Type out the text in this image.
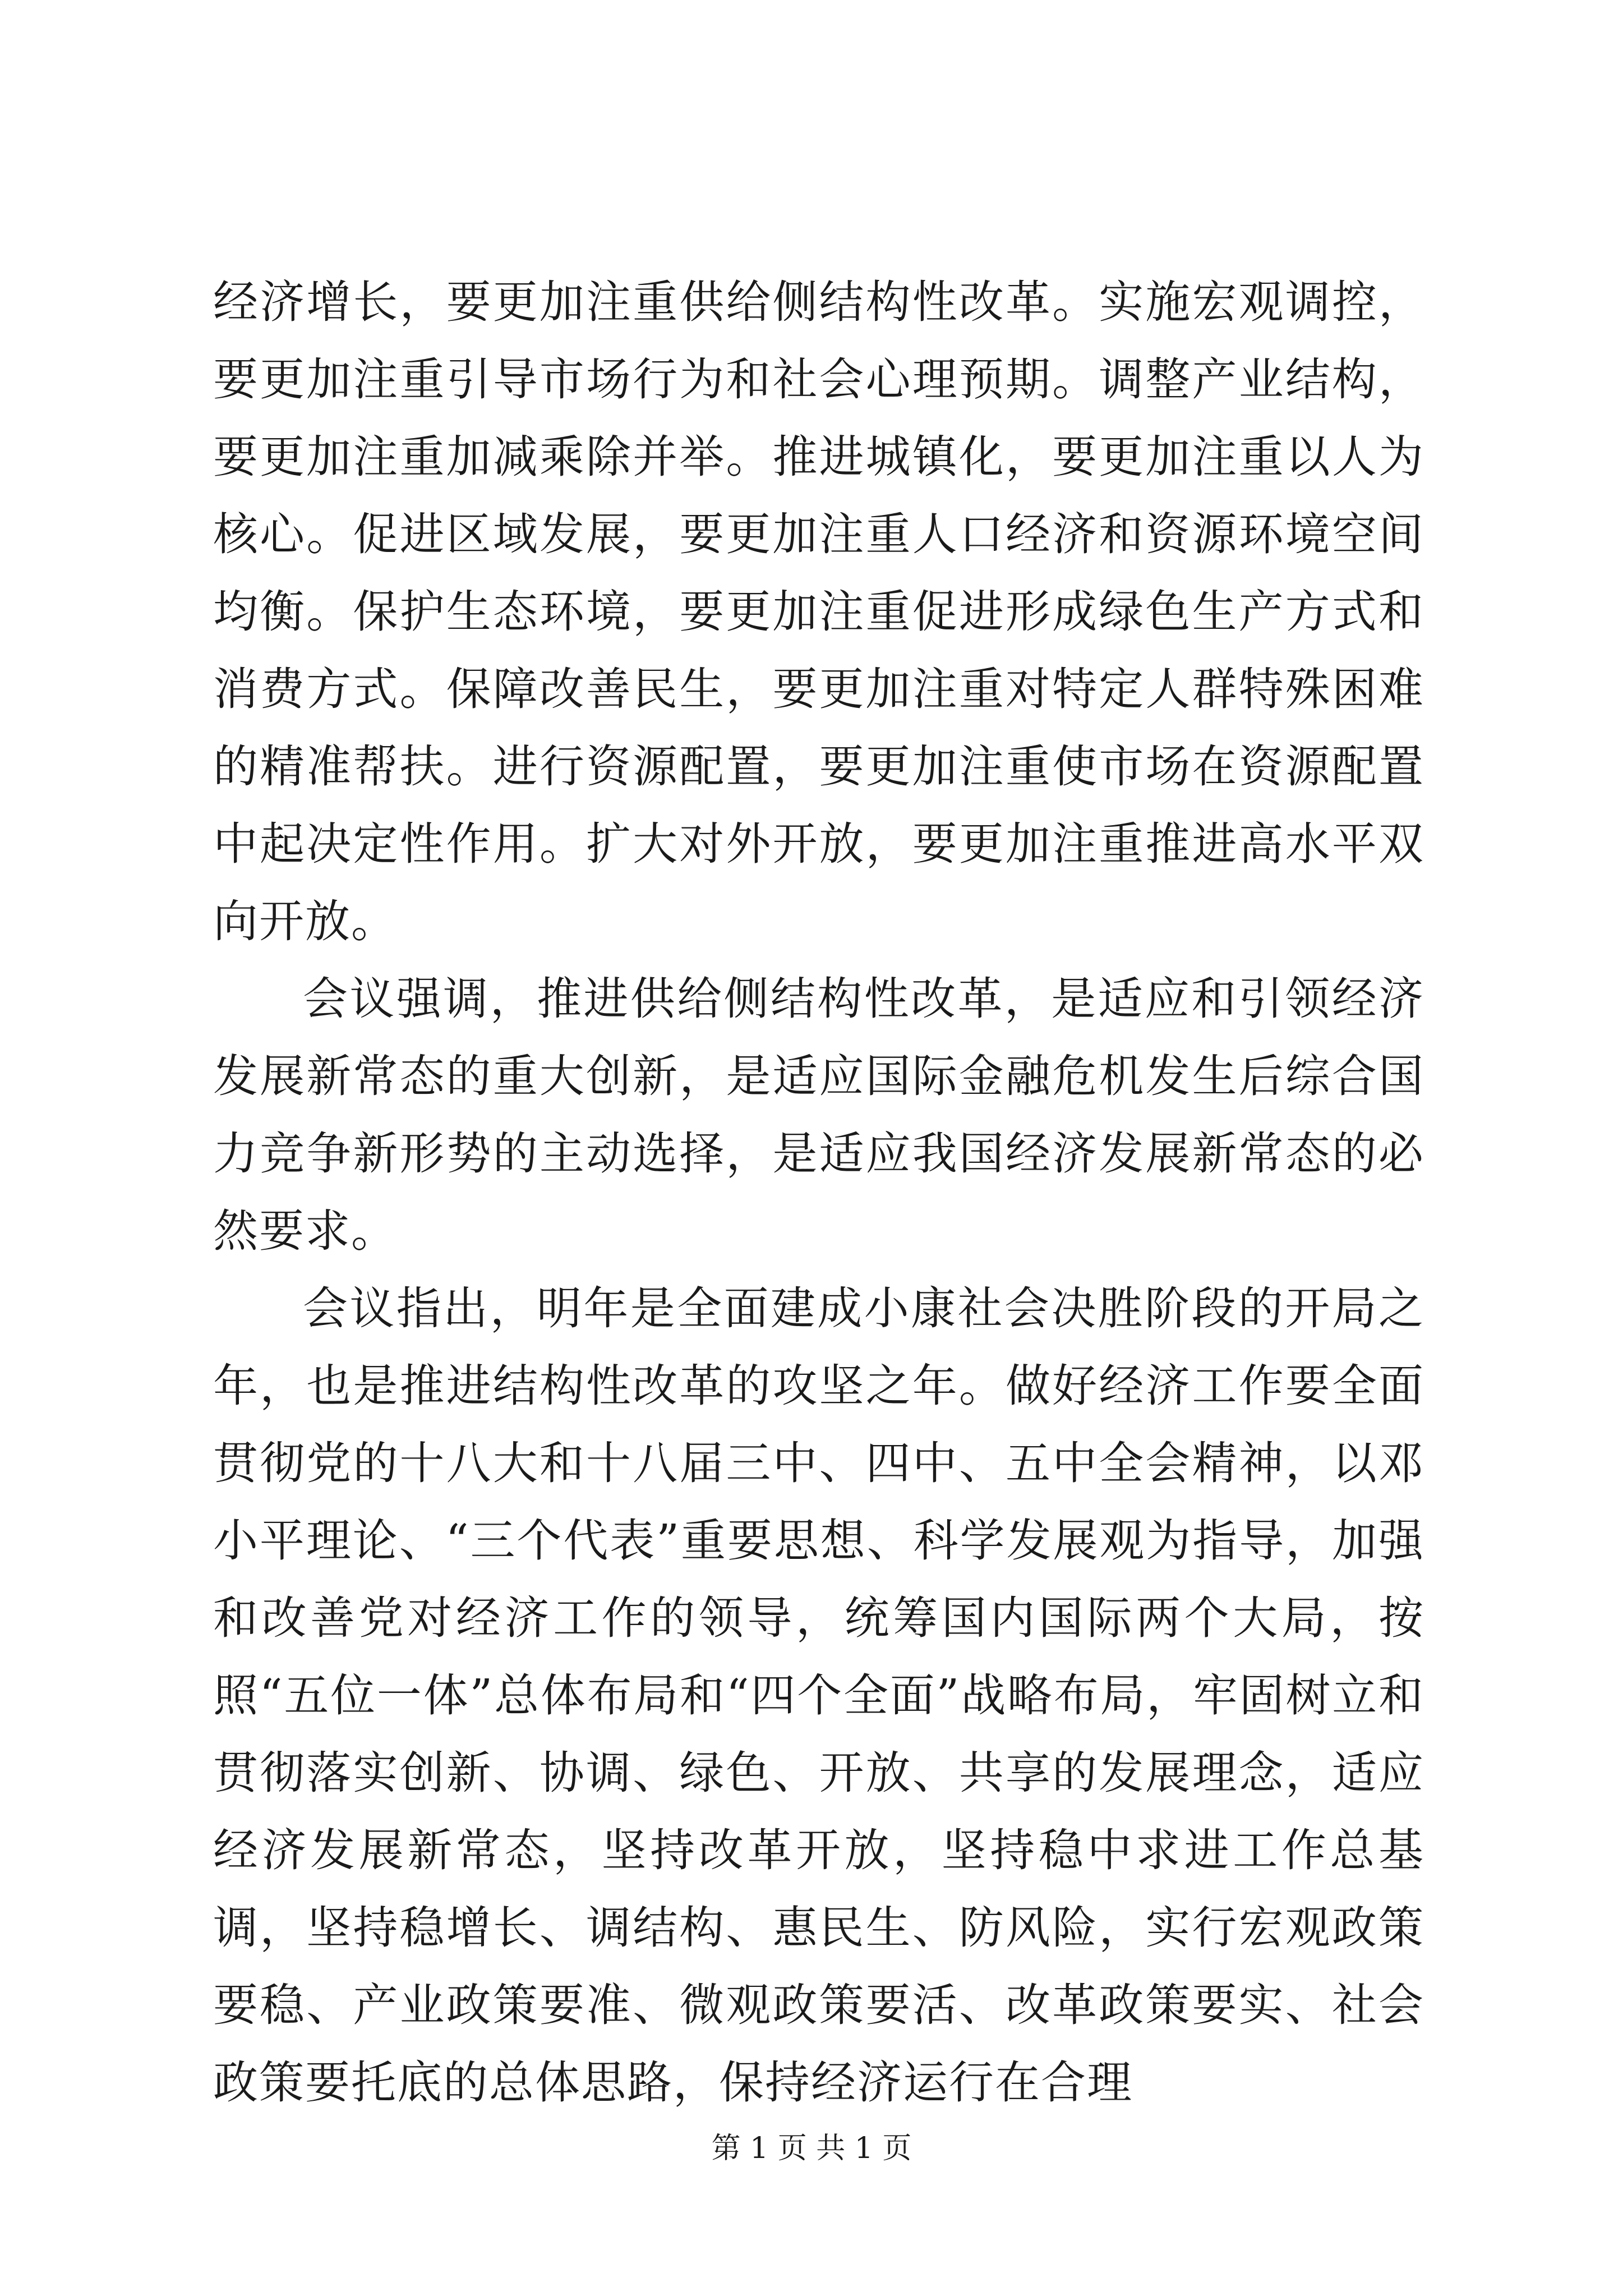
经济增长，要更加注重供给侧结构性改革。实施宏观调控，要更加注重引导市场行为和社会心理预期。调整产业结构，要更加注重加减乘除并举。推进城镇化，要更加注重以人为核心。促进区域发展，要更加注重人口经济和资源环境空间均衡。保护生态环境，要更加注重促进形成绿色生产方式和消费方式。保障改善民生，要更加注重对特定人群特殊困难的精准帮扶。进行资源配置，要更加注重使市场在资源配置中起决定性作用。扩大对外开放，要更加注重推进高水平双向开放。

会议强调，推进供给侧结构性改革，是适应和引领经济发展新常态的重大创新，是适应国际金融危机发生后综合国力竞争新形势的主动选择，是适应我国经济发展新常态的必然要求。

会议指出，明年是全面建成小康社会决胜阶段的开局之年，也是推进结构性改革的攻坚之年。做好经济工作要全面贯彻党的十八大和十八届三中、四中、五中全会精神，以邓小平理论、“三个代表”重要思想、科学发展观为指导，加强和改善党对经济工作的领导，统筹国内国际两个大局，按照“五位一体”总体布局和“四个全面”战略布局，牢固树立和贯彻落实创新、协调、绿色、开放、共享的发展理念，适应经济发展新常态，坚持改革开放，坚持稳中求进工作总基调，坚持稳增长、调结构、惠民生、防风险，实行宏观政策要稳、产业政策要准、微观政策要活、改革政策要实、社会政策要托底的总体思路，保持经济运行在合理

第 1 页 共 1 页
